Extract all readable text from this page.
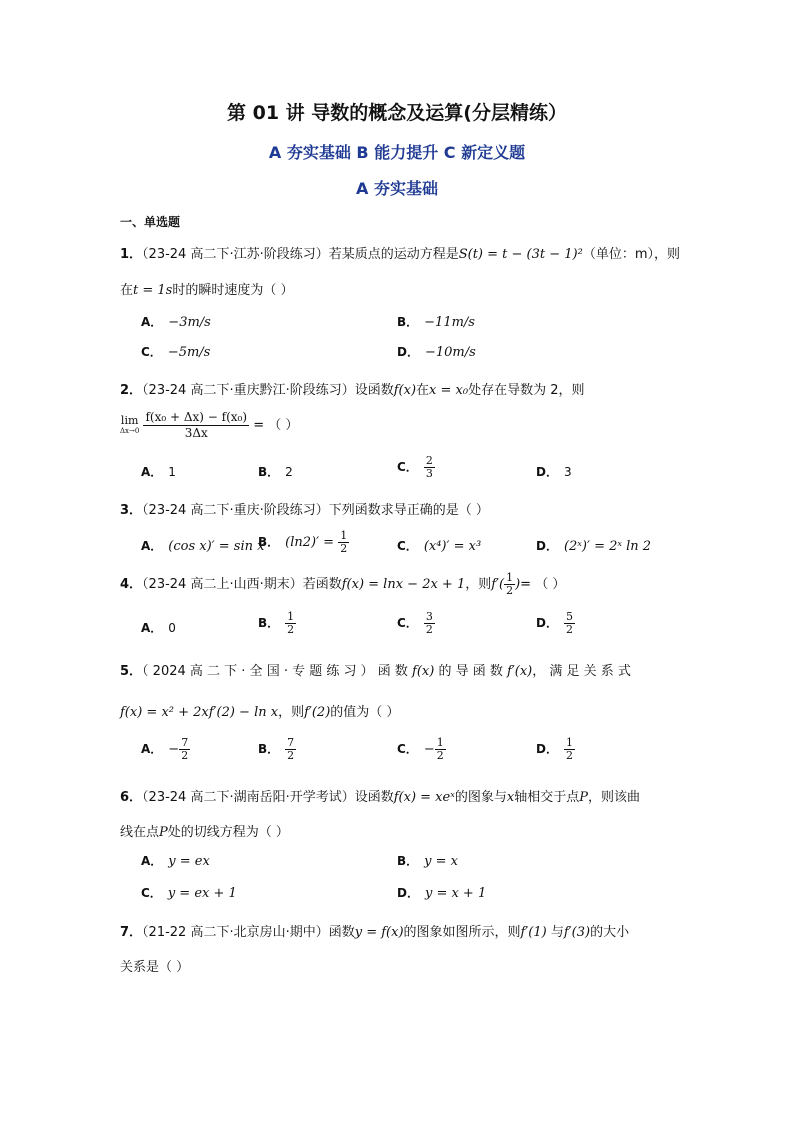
第 01 讲 导数的概念及运算(分层精练）
A 夯实基础 B 能力提升 C 新定义题
A 夯实基础
一、单选题
1．（23-24 高二下·江苏·阶段练习）若某质点的运动方程是S(t) = t − (3t − 1)²（单位：m），则
在t = 1s时的瞬时速度为（ ）
A． −3m/s	B． −11m/s
C． −5m/s	D． −10m/s
2．（23-24 高二下·重庆黔江·阶段练习）设函数f(x)在x = x₀处存在导数为 2，则
lim
Δx→0
$\frac{\text{f(x₀ + Δx) − f(x₀)}}{3\Delta x}$ = （ ）
A． 1	B． 2	C． $\frac{2}{3}$	D． 3
3．（23-24 高二下·重庆·阶段练习）下列函数求导正确的是（ ）
A． (cos x)′ = sin x
B． $(\ln 2)' = \frac{1}{2}$	C． (x⁴)′ = x³	D． (2ˣ)′ = 2ˣ ln 2
4．（23-24 高二上·山西·期末）若函数f(x) = lnx − 2x + 1，则$f'( \frac{1}{2}$ )= （ ）
A． 0	B． $\frac{1}{2}$	C． $\frac{3}{2}$	D． $\frac{5}{2}$
5．（ 2024 高 二 下 · 全 国 · 专 题 练 习 ） 函 数 f(x) 的 导 函 数 f′(x)， 满 足 关 系 式
f(x) = x² + 2xf′(2) − ln x，则f′(2)的值为（ ）
A． − $\frac{7}{2}$	B． $\frac{7}{2}$	C． − $\frac{1}{2}$	D． $\frac{1}{2}$
6．（23-24 高二下·湖南岳阳·开学考试）设函数f(x) = xeˣ的图象与x轴相交于点P，则该曲
线在点P处的切线方程为（ ）
A． y = ex	B． y = x
C． y = ex + 1	D． y = x + 1
7．（21-22 高二下·北京房山·期中）函数y = f(x)的图象如图所示，则f′(1) 与f′(3)的大小
关系是（ ）
